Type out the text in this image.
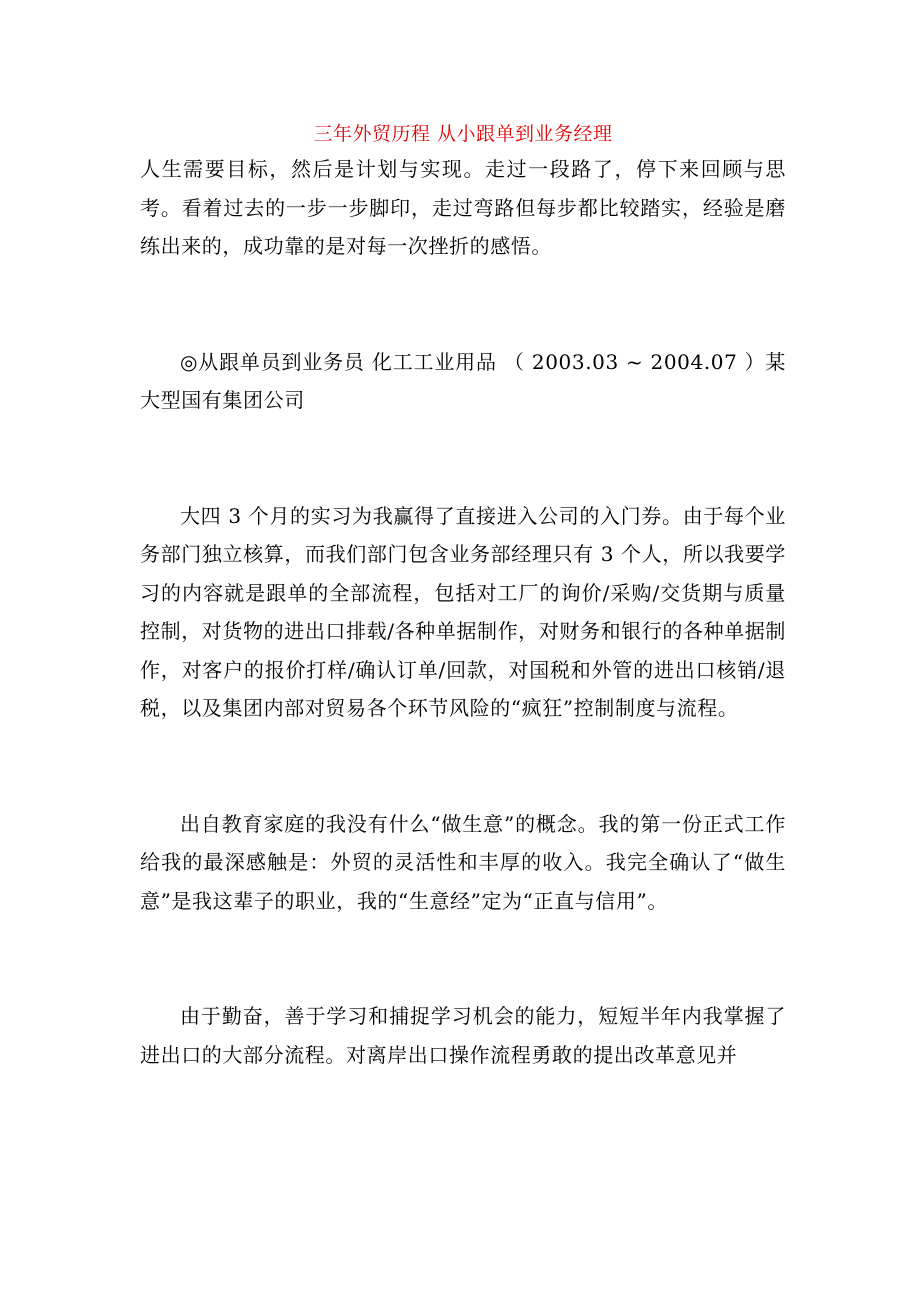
三年外贸历程 从小跟单到业务经理

人生需要目标，然后是计划与实现。走过一段路了，停下来回顾与思考。看着过去的一步一步脚印，走过弯路但每步都比较踏实，经验是磨练出来的，成功靠的是对每一次挫折的感悟。

◎从跟单员到业务员 化工工业用品 （ 2003.03 ~ 2004.07 ）某大型国有集团公司

大四 3 个月的实习为我赢得了直接进入公司的入门券。由于每个业务部门独立核算，而我们部门包含业务部经理只有 3 个人，所以我要学习的内容就是跟单的全部流程，包括对工厂的询价/采购/交货期与质量控制，对货物的进出口排载/各种单据制作，对财务和银行的各种单据制作，对客户的报价打样/确认订单/回款，对国税和外管的进出口核销/退税，以及集团内部对贸易各个环节风险的“疯狂”控制制度与流程。

出自教育家庭的我没有什么“做生意”的概念。我的第一份正式工作给我的最深感触是：外贸的灵活性和丰厚的收入。我完全确认了“做生意”是我这辈子的职业，我的“生意经”定为“正直与信用”。

由于勤奋，善于学习和捕捉学习机会的能力，短短半年内我掌握了进出口的大部分流程。对离岸出口操作流程勇敢的提出改革意见并
